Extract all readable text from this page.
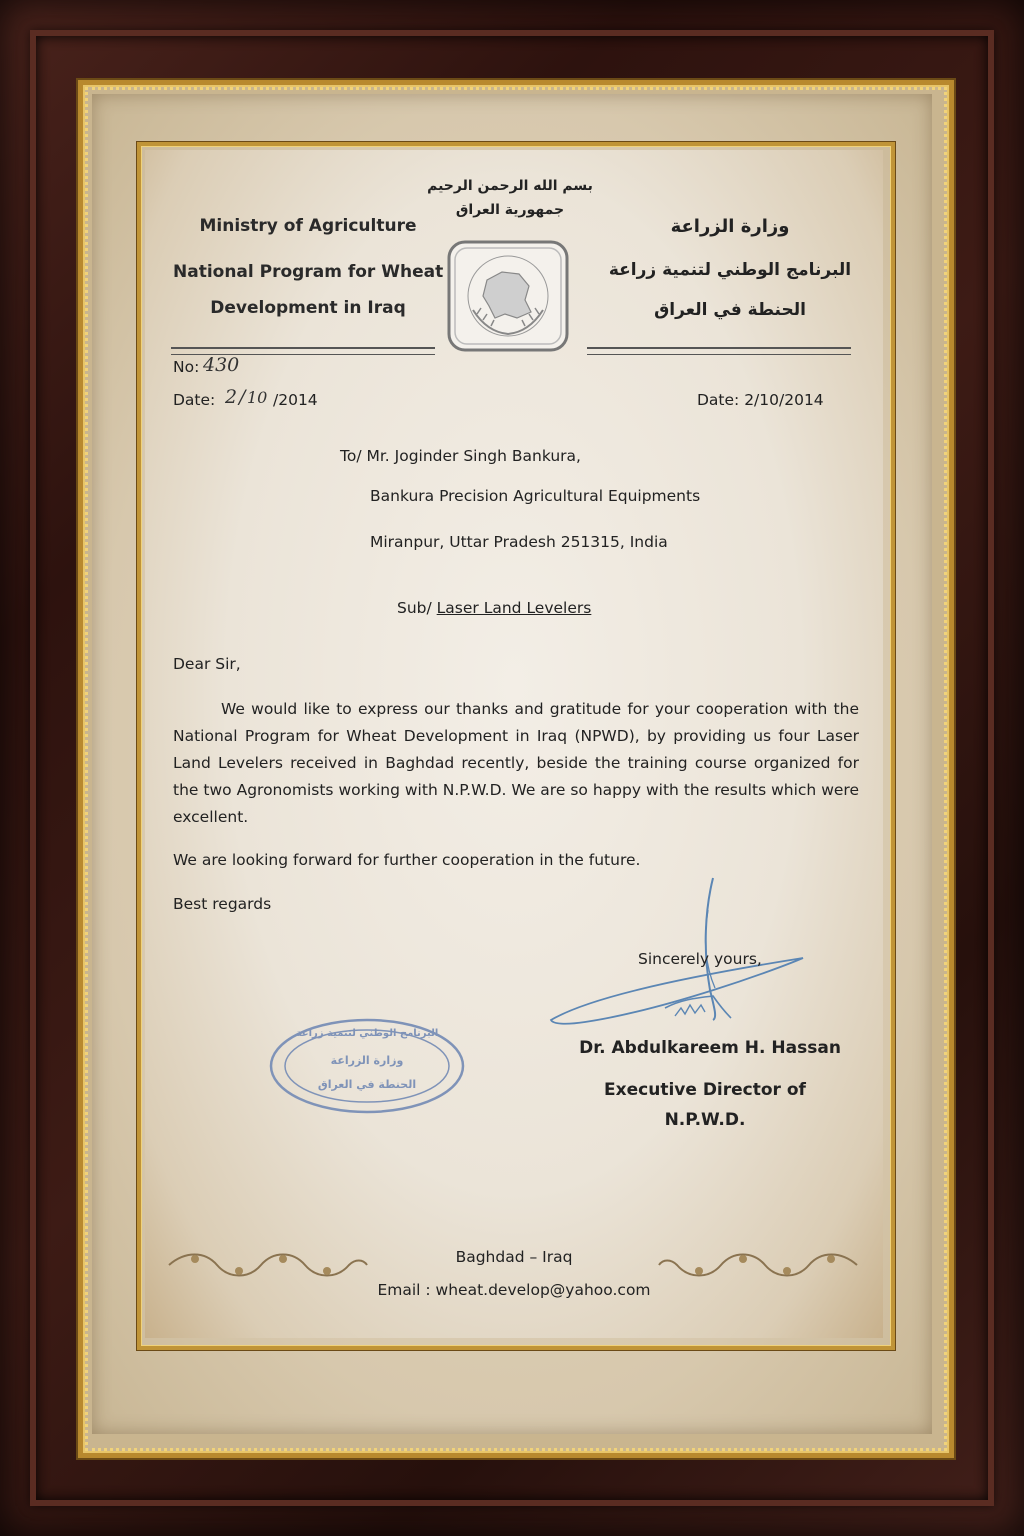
بسم الله الرحمن الرحيم
جمهورية العراق
Ministry of Agriculture
National Program for Wheat
Development in Iraq
وزارة الزراعة
البرنامج الوطني لتنمية زراعة
الحنطة في العراق
No: 430
Date: 2 / 10 /2014	Date: 2/10/2014
To/ Mr. Joginder Singh Bankura,
Bankura Precision Agricultural Equipments
Miranpur, Uttar Pradesh 251315, India
Sub/ Laser Land Levelers
Dear Sir,
We would like to express our thanks and gratitude for your cooperation with the National Program for Wheat Development in Iraq (NPWD), by providing us four Laser Land Levelers received in Baghdad recently, beside the training course organized for the two Agronomists working with N.P.W.D. We are so happy with the results which were excellent.
We are looking forward for further cooperation in the future.
Best regards
Sincerely yours,
Dr. Abdulkareem H. Hassan
Executive Director of
N.P.W.D.
البرنامج الوطني لتنمية زراعة
وزارة الزراعة
الحنطة في العراق
Baghdad – Iraq
Email : wheat.develop@yahoo.com
